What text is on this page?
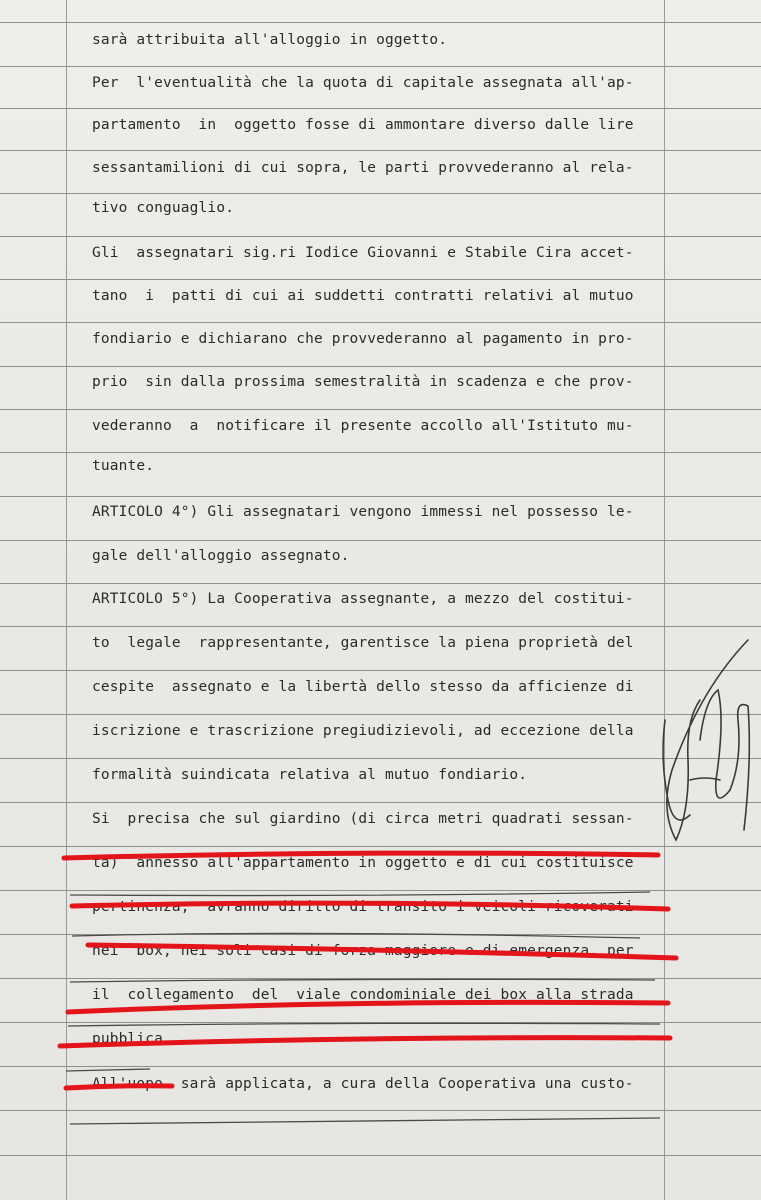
sarà attribuita all'alloggio in oggetto.
Per  l'eventualità che la quota di capitale assegnata all'ap-
partamento  in  oggetto fosse di ammontare diverso dalle lire
sessantamilioni di cui sopra, le parti provvederanno al rela-
tivo conguaglio.
Gli  assegnatari sig.ri Iodice Giovanni e Stabile Cira accet-
tano  i  patti di cui ai suddetti contratti relativi al mutuo
fondiario e dichiarano che provvederanno al pagamento in pro-
prio  sin dalla prossima semestralità in scadenza e che prov-
vederanno  a  notificare il presente accollo all'Istituto mu-
tuante.
ARTICOLO 4°) Gli assegnatari vengono immessi nel possesso le-
gale dell'alloggio assegnato.
ARTICOLO 5°) La Cooperativa assegnante, a mezzo del costitui-
to  legale  rappresentante, garentisce la piena proprietà del
cespite  assegnato e la libertà dello stesso da afficienze di
iscrizione e trascrizione pregiudizievoli, ad eccezione della
formalità suindicata relativa al mutuo fondiario.
Si  precisa che sul giardino (di circa metri quadrati sessan-
ta)  annesso all'appartamento in oggetto e di cui costituisce
pertinenza,  avranno diritto di transito i veicoli ricoverati
nei  box, nei soli casi di forza maggiore e di emergenza, per
il  collegamento  del  viale condominiale dei box alla strada
pubblica.
All'uopo  sarà applicata, a cura della Cooperativa una custo-
